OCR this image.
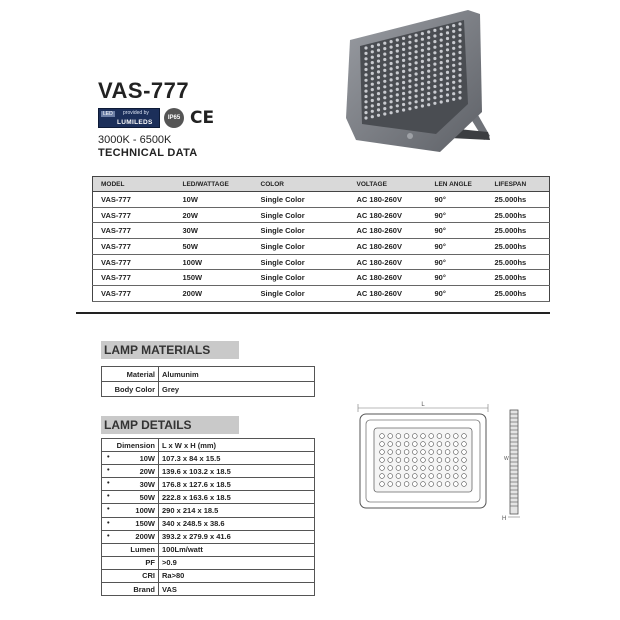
VAS-777
LED	provided by
LUMILEDS
IP65 CE
3000K - 6500K
TECHNICAL DATA
MODEL	LED/WATTAGE	COLOR	VOLTAGE	LEN ANGLE	LIFESPAN
VAS-777	10W	Single Color	AC 180-260V	90°	25.000hs
VAS-777	20W	Single Color	AC 180-260V	90°	25.000hs
VAS-777	30W	Single Color	AC 180-260V	90°	25.000hs
VAS-777	50W	Single Color	AC 180-260V	90°	25.000hs
VAS-777	100W	Single Color	AC 180-260V	90°	25.000hs
VAS-777	150W	Single Color	AC 180-260V	90°	25.000hs
VAS-777	200W	Single Color	AC 180-260V	90°	25.000hs
LAMP MATERIALS
Material	Alumunim
Body Color	Grey
LAMP DETAILS
Dimension	L x W x H (mm)

• 10W	107.3 x 84 x 15.5

• 20W	139.6 x 103.2 x 18.5

• 30W	176.8 x 127.6 x 18.5

• 50W	222.8 x 163.6 x 18.5

• 100W	290 x 214 x 18.5

• 150W	340 x 248.5 x 38.6

• 200W	393.2 x 279.9 x 41.6
Lumen	100Lm/watt
PF	>0.9
CRI	Ra>80
Brand	VAS
L
W
H
